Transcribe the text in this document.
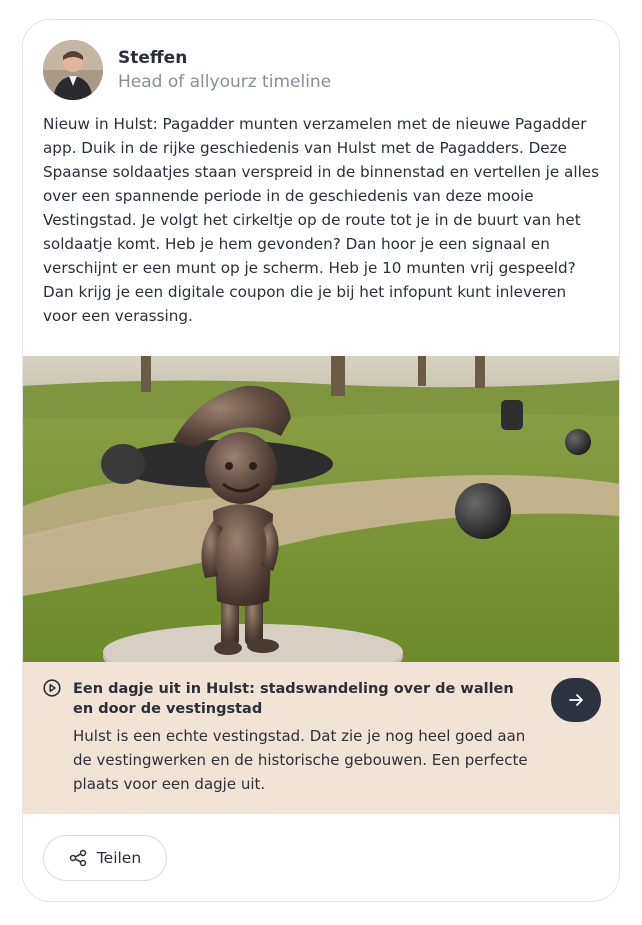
Steffen
Head of allyourz timeline
Nieuw in Hulst: Pagadder munten verzamelen met de nieuwe Pagadder app. Duik in de rijke geschiedenis van Hulst met de Pagadders. Deze Spaanse soldaatjes staan verspreid in de binnenstad en vertellen je alles over een spannende periode in de geschiedenis van deze mooie Vestingstad. Je volgt het cirkeltje op de route tot je in de buurt van het soldaatje komt. Heb je hem gevonden? Dan hoor je een signaal en verschijnt er een munt op je scherm. Heb je 10 munten vrij gespeeld? Dan krijg je een digitale coupon die je bij het infopunt kunt inleveren voor een verassing.
Een dagje uit in Hulst: stadswandeling over de wallen en door de vestingstad
Hulst is een echte vestingstad. Dat zie je nog heel goed aan de vestingwerken en de historische gebouwen. Een perfecte plaats voor een dagje uit.
Teilen
